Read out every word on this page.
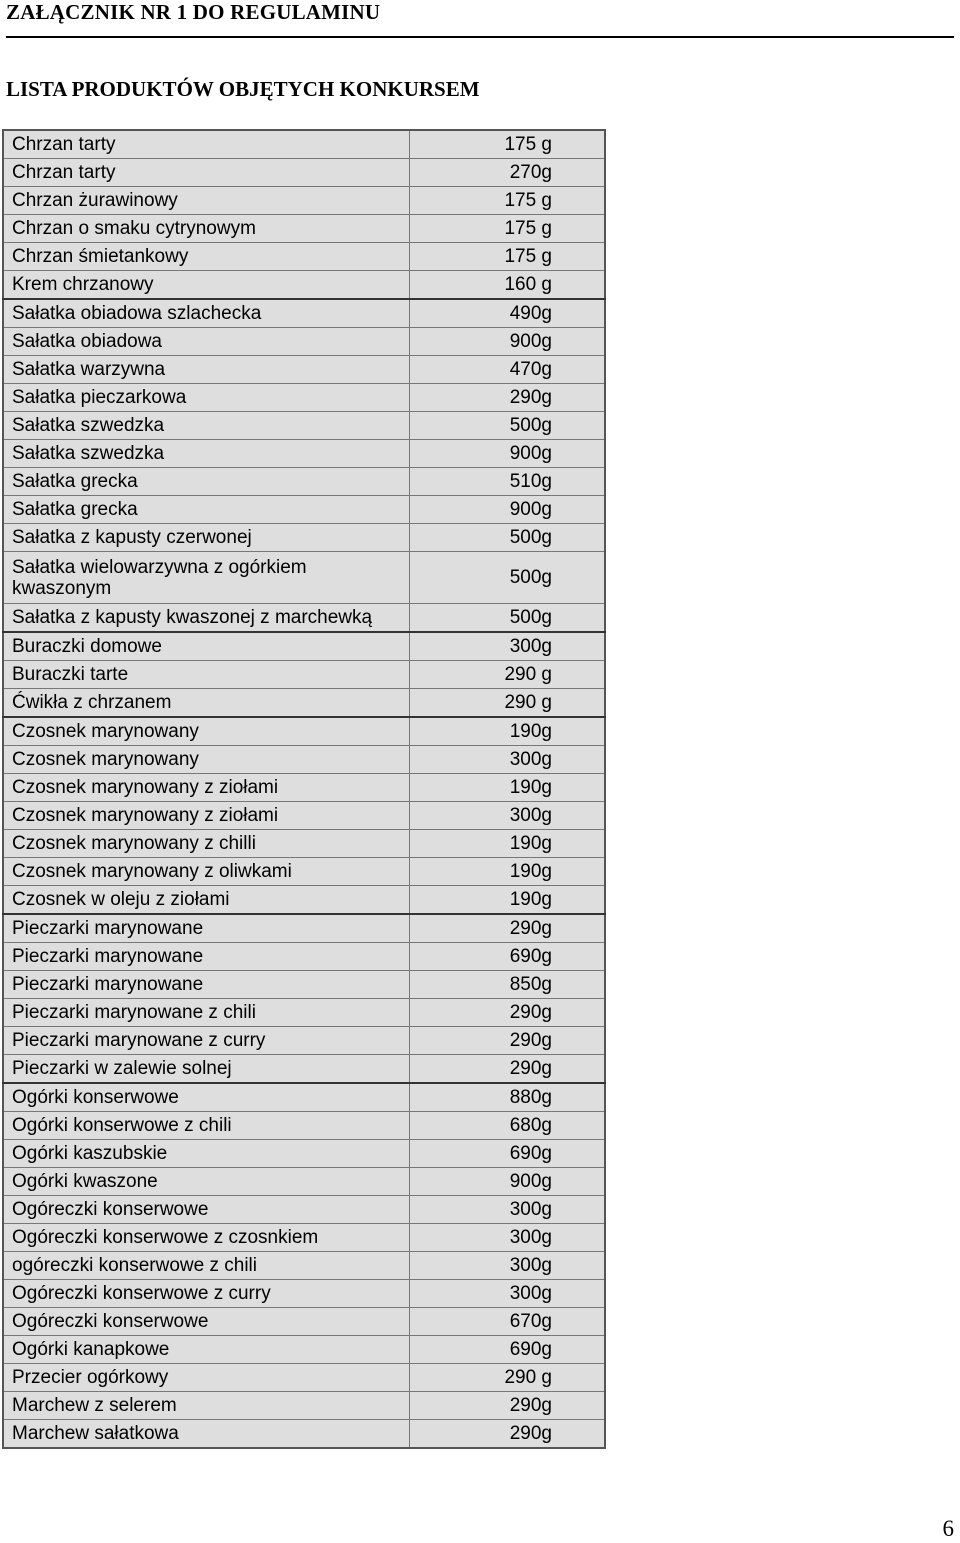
ZAŁĄCZNIK NR 1 DO REGULAMINU
LISTA PRODUKTÓW OBJĘTYCH KONKURSEM
Chrzan tarty	175 g

Chrzan tarty	270g

Chrzan żurawinowy	175 g

Chrzan o smaku cytrynowym	175 g

Chrzan śmietankowy	175 g

Krem chrzanowy	160 g

Sałatka obiadowa szlachecka	490g

Sałatka obiadowa	900g

Sałatka warzywna	470g

Sałatka pieczarkowa	290g

Sałatka szwedzka	500g

Sałatka szwedzka	900g

Sałatka grecka	510g

Sałatka grecka	900g

Sałatka z kapusty czerwonej	500g

Sałatka wielowarzywna z ogórkiem
kwaszonym	500g

Sałatka z kapusty kwaszonej z marchewką	500g

Buraczki domowe	300g

Buraczki tarte	290 g

Ćwikła z chrzanem	290 g

Czosnek marynowany	190g

Czosnek marynowany	300g

Czosnek marynowany z ziołami	190g

Czosnek marynowany z ziołami	300g

Czosnek marynowany z chilli	190g

Czosnek marynowany z oliwkami	190g

Czosnek w oleju z ziołami	190g

Pieczarki marynowane	290g

Pieczarki marynowane	690g

Pieczarki marynowane	850g

Pieczarki marynowane z chili	290g

Pieczarki marynowane z curry	290g

Pieczarki w zalewie solnej	290g

Ogórki konserwowe	880g

Ogórki konserwowe z chili	680g

Ogórki kaszubskie	690g

Ogórki kwaszone	900g

Ogóreczki konserwowe	300g

Ogóreczki konserwowe z czosnkiem	300g

ogóreczki konserwowe z chili	300g

Ogóreczki konserwowe z curry	300g

Ogóreczki konserwowe	670g

Ogórki kanapkowe	690g

Przecier ogórkowy	290 g

Marchew z selerem	290g

Marchew sałatkowa	290g
6
